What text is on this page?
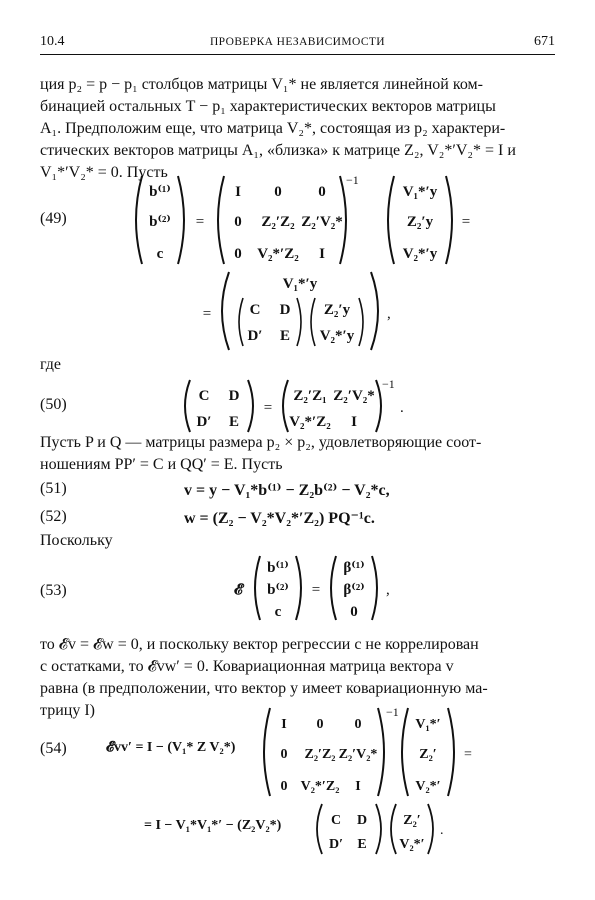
10.4	ПРОВЕРКА НЕЗАВИСИМОСТИ	671
ция p₂ = p − p₁ столбцов матрицы V₁* не является линейной ком-
бинацией остальных T − p₁ характеристических векторов матрицы
A₁. Предположим еще, что матрица V₂*, состоящая из p₂ характери-
стических векторов матрицы A₁, «близка» к матрице Z₂, V₂*′V₂* = I и
V₁*′V₂* = 0. Пусть
(49)
b⁽¹⁾
b⁽²⁾
c
=
I 0 0
0 Z₂′Z₂ Z₂′V₂*
0 V₂*′Z₂ I
−1
V₁*′y
Z₂′y
V₂*′y
=
=
V₁*′y
C D
D′ E
Z₂′y
V₂*′y
,
где
(50)	C D
D′ E
=
Z₂′Z₁ Z₂′V₂*
V₂*′Z₂ I
−1
.
Пусть P и Q — матрицы размера p₂ × p₂, удовлетворяющие соот-
ношениям PP′ = C и QQ′ = E. Пусть
(51)	v = y − V₁*b⁽¹⁾ − Z₂b⁽²⁾ − V₂*c,
(52)	w = (Z₂ − V₂*V₂*′Z₂) PQ⁻¹c.
Поскольку
(53)	𝓔
b⁽¹⁾
b⁽²⁾
c
=
β⁽¹⁾
β⁽²⁾
0
,
то 𝓔v = 𝓔w = 0, и поскольку вектор регрессии c не коррелирован
с остатками, то 𝓔vw′ = 0. Ковариационная матрица вектора v
равна (в предположении, что вектор y имеет ковариационную ма-
трицу I)
(54)	𝓔vv′ = I − (V₁* Z V₂*)
I 0 0
0 Z₂′Z₂ Z₂′V₂*
0 V₂*′Z₂ I
−1
V₁*′
Z₂′
V₂*′
=
= I − V₁*V₁*′ − (Z₂V₂*)	C D
D′ E
Z₂′
V₂*′
.
